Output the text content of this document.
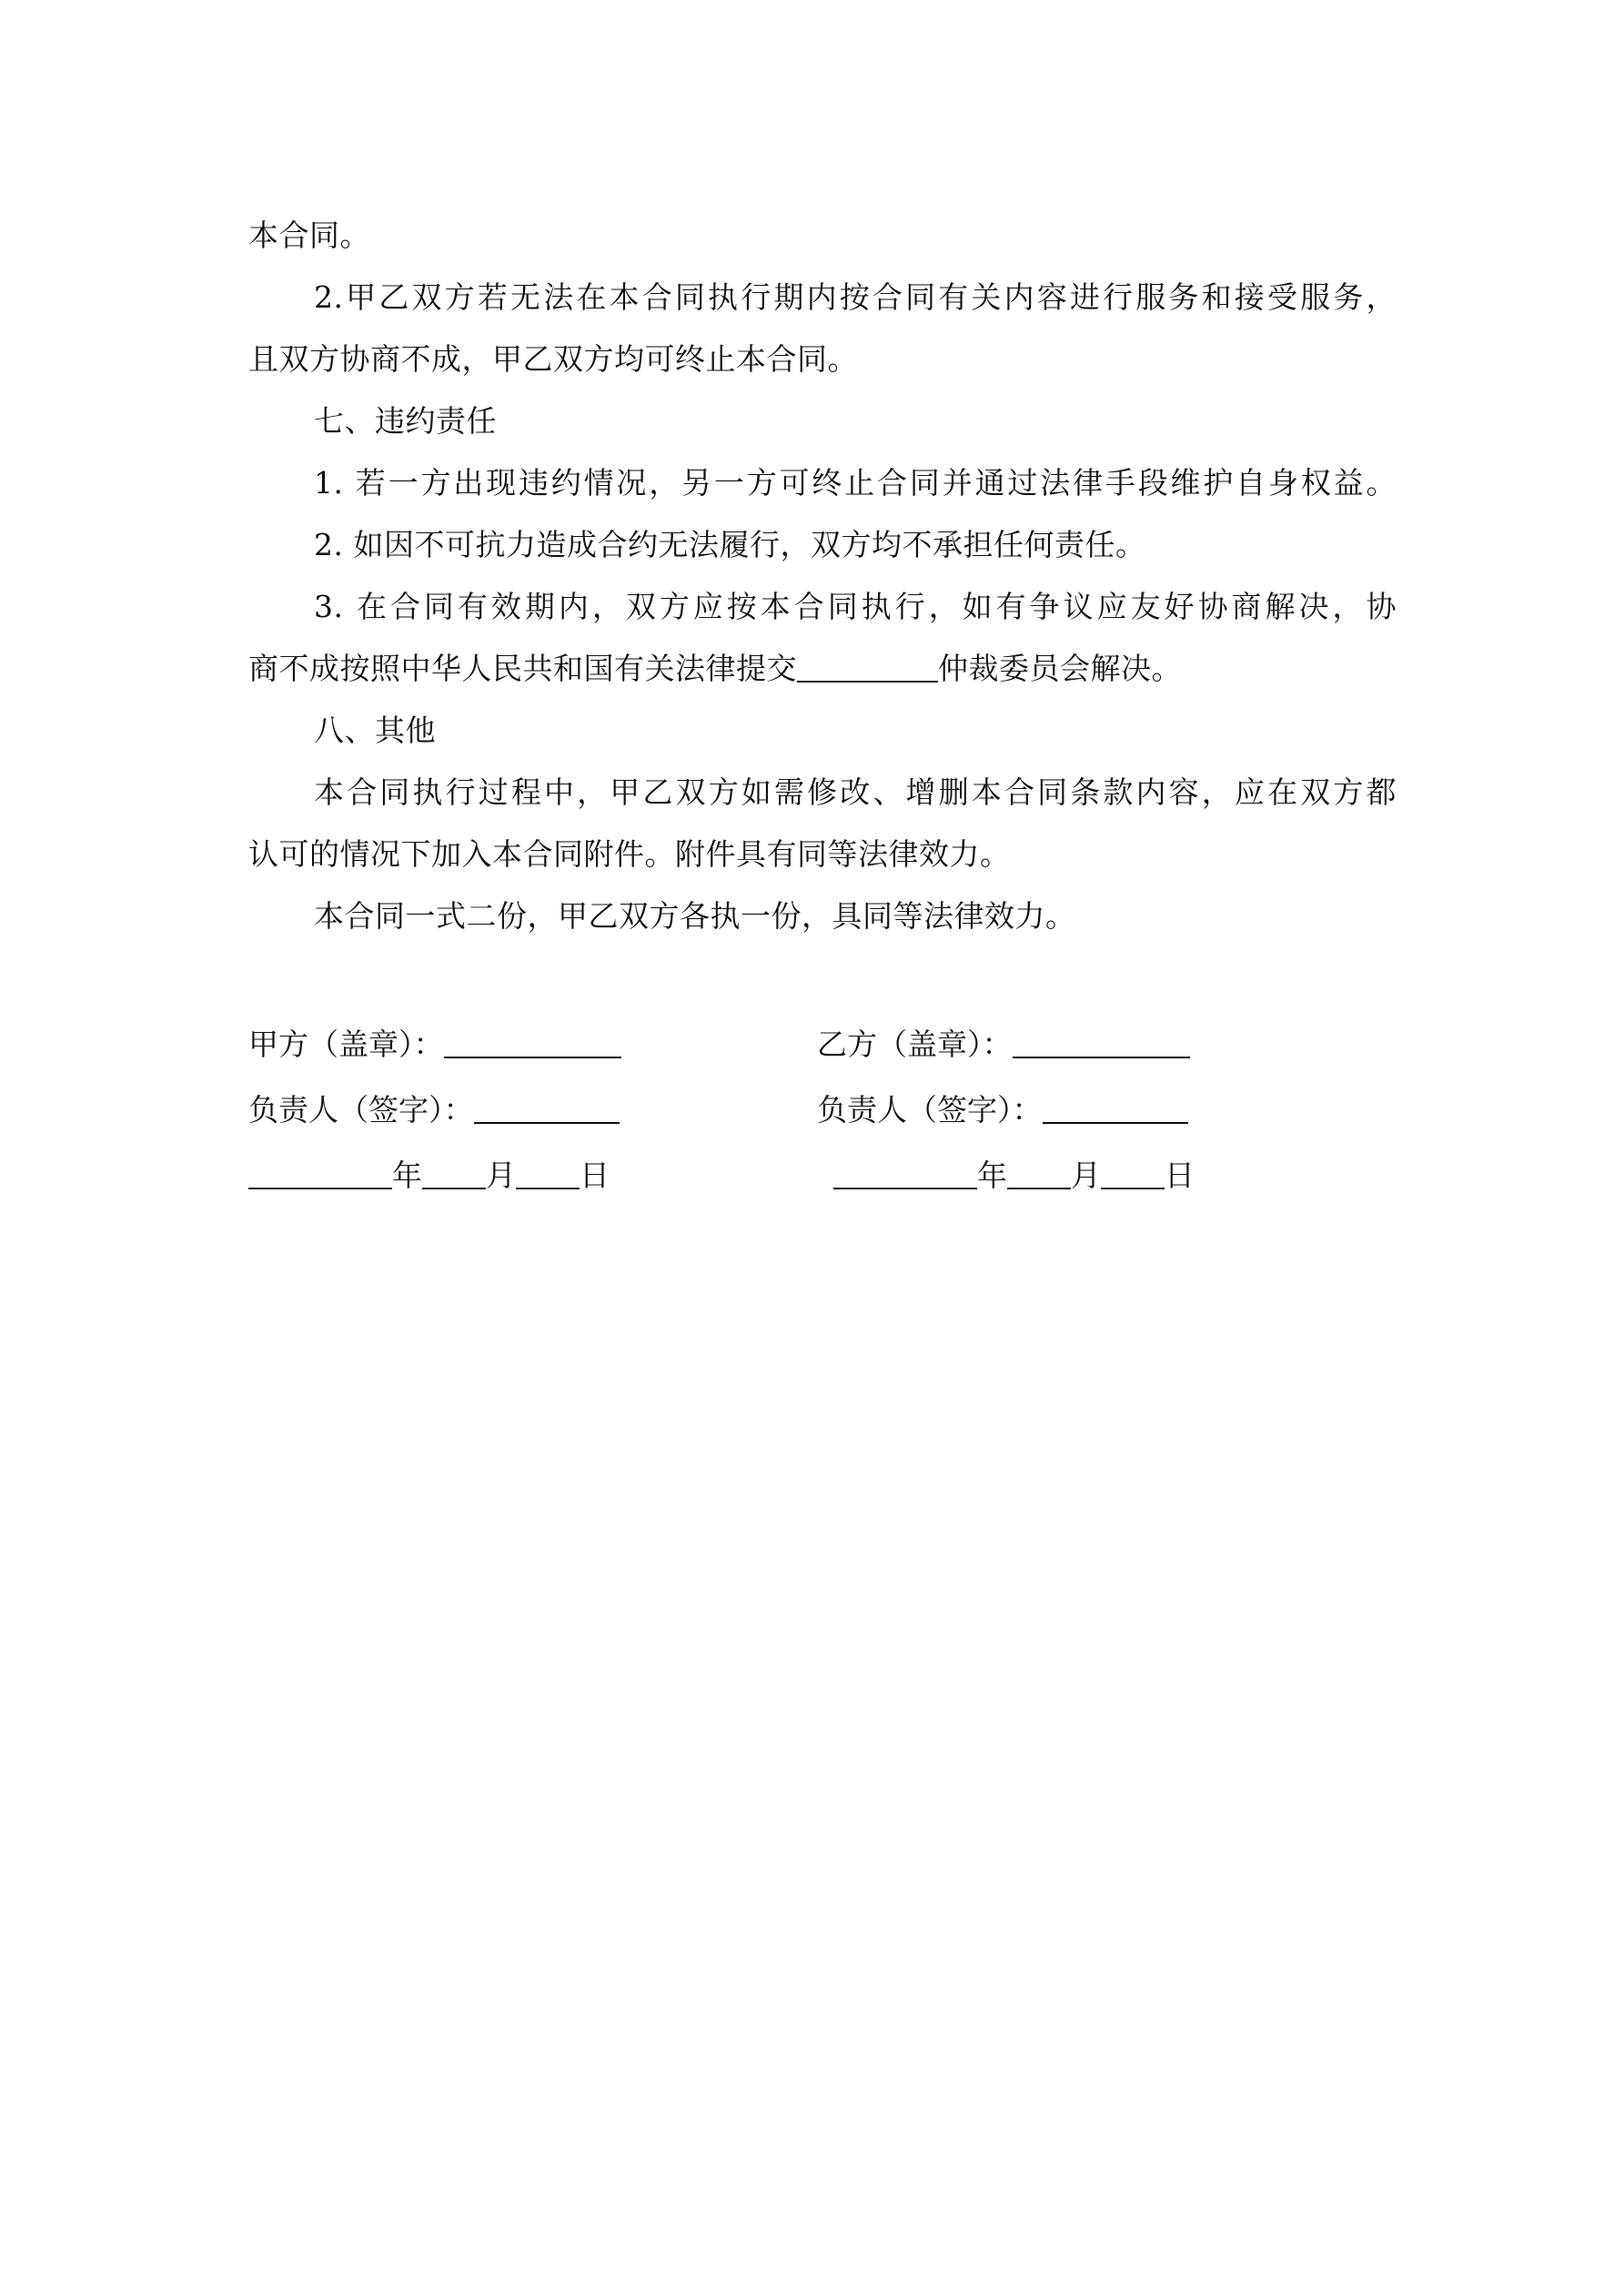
本合同。
2.甲乙双方若无法在本合同执行期内按合同有关内容进行服务和接受服务，
且双方协商不成，甲乙双方均可终止本合同。
七、违约责任
1. 若一方出现违约情况，另一方可终止合同并通过法律手段维护自身权益。
2. 如因不可抗力造成合约无法履行，双方均不承担任何责任。
3. 在合同有效期内，双方应按本合同执行，如有争议应友好协商解决，协
商不成按照中华人民共和国有关法律提交	仲裁委员会解决。
八、其他
本合同执行过程中，甲乙双方如需修改、增删本合同条款内容，应在双方都
认可的情况下加入本合同附件。附件具有同等法律效力。
本合同一式二份，甲乙双方各执一份，具同等法律效力。
甲方（盖章）：	乙方（盖章）：
负责人（签字）：	负责人（签字）：
年 月 日	年 月 日
